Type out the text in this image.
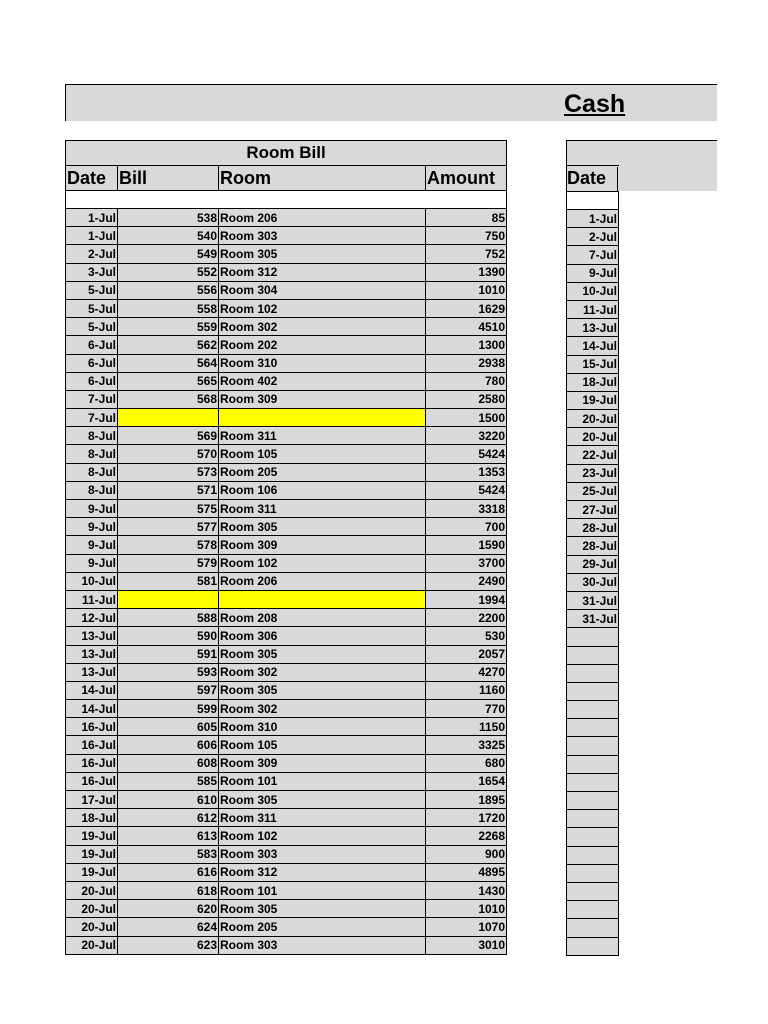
Cash
Room Bill			
Date	Bill	Room	Amount

1-Jul	538	Room 206	85
1-Jul	540	Room 303	750
2-Jul	549	Room 305	752
3-Jul	552	Room 312	1390
5-Jul	556	Room 304	1010
5-Jul	558	Room 102	1629
5-Jul	559	Room 302	4510
6-Jul	562	Room 202	1300
6-Jul	564	Room 310	2938
6-Jul	565	Room 402	780
7-Jul	568	Room 309	2580
7-Jul			1500
8-Jul	569	Room 311	3220
8-Jul	570	Room 105	5424
8-Jul	573	Room 205	1353
8-Jul	571	Room 106	5424
9-Jul	575	Room 311	3318
9-Jul	577	Room 305	700
9-Jul	578	Room 309	1590
9-Jul	579	Room 102	3700
10-Jul	581	Room 206	2490
11-Jul			1994
12-Jul	588	Room 208	2200
13-Jul	590	Room 306	530
13-Jul	591	Room 305	2057
13-Jul	593	Room 302	4270
14-Jul	597	Room 305	1160
14-Jul	599	Room 302	770
16-Jul	605	Room 310	1150
16-Jul	606	Room 105	3325
16-Jul	608	Room 309	680
16-Jul	585	Room 101	1654
17-Jul	610	Room 305	1895
18-Jul	612	Room 311	1720
19-Jul	613	Room 102	2268
19-Jul	583	Room 303	900
19-Jul	616	Room 312	4895
20-Jul	618	Room 101	1430
20-Jul	620	Room 305	1010
20-Jul	624	Room 205	1070
20-Jul	623	Room 303	3010
Date

1-Jul
2-Jul
7-Jul
9-Jul
10-Jul
11-Jul
13-Jul
14-Jul
15-Jul
18-Jul
19-Jul
20-Jul
20-Jul
22-Jul
23-Jul
25-Jul
27-Jul
28-Jul
28-Jul
29-Jul
30-Jul
31-Jul
31-Jul
